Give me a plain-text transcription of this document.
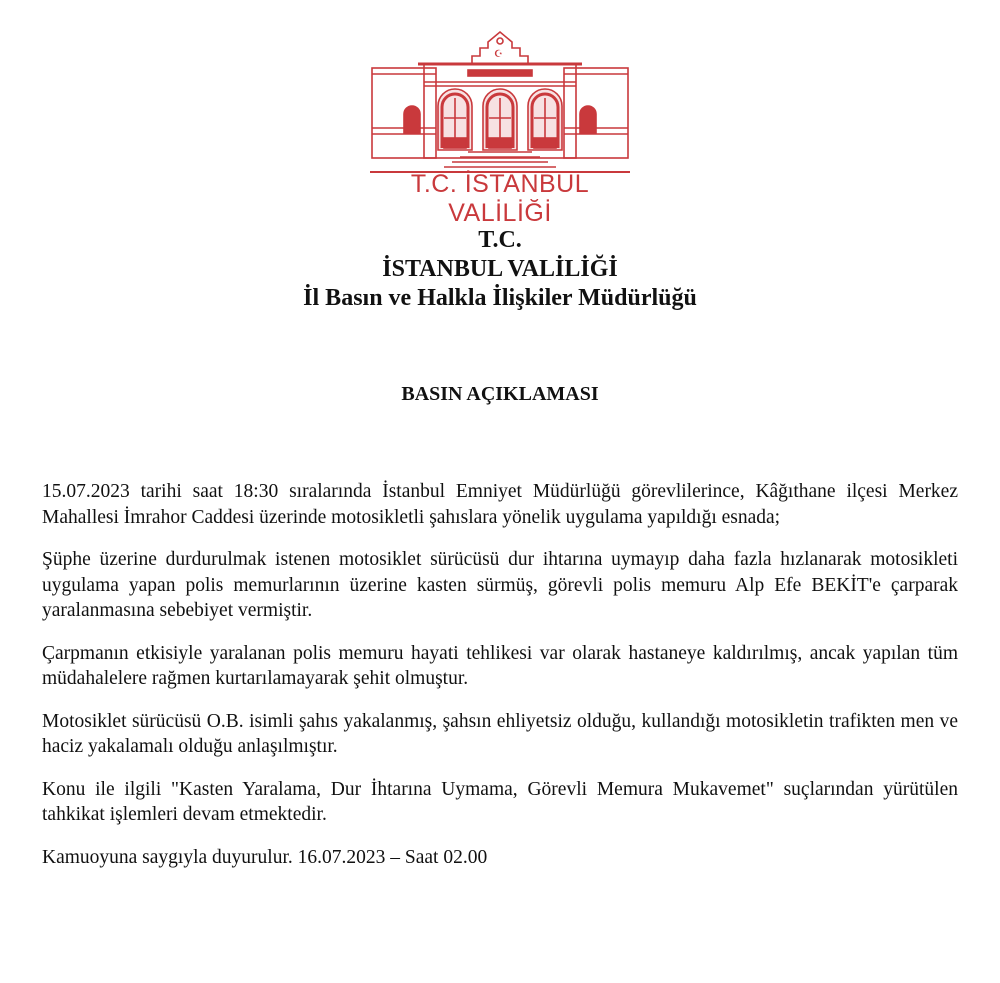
☪
T.C. İSTANBUL VALİLİĞİ
T.C.
İSTANBUL VALİLİĞİ
İl Basın ve Halkla İlişkiler Müdürlüğü
BASIN AÇIKLAMASI

15.07.2023 tarihi saat 18:30 sıralarında İstanbul Emniyet Müdürlüğü görevlilerince, Kâğıthane ilçesi Merkez Mahallesi İmrahor Caddesi üzerinde motosikletli şahıslara yönelik uygulama yapıldığı esnada;

Şüphe üzerine durdurulmak istenen motosiklet sürücüsü dur ihtarına uymayıp daha fazla hızlanarak motosikleti uygulama yapan polis memurlarının üzerine kasten sürmüş, görevli polis memuru Alp Efe BEKİT'e çarparak yaralanmasına sebebiyet vermiştir.

Çarpmanın etkisiyle yaralanan polis memuru hayati tehlikesi var olarak hastaneye kaldırılmış, ancak yapılan tüm müdahalelere rağmen kurtarılamayarak şehit olmuştur.

Motosiklet sürücüsü O.B. isimli şahıs yakalanmış, şahsın ehliyetsiz olduğu, kullandığı motosikletin trafikten men ve haciz yakalamalı olduğu anlaşılmıştır.

Konu ile ilgili "Kasten Yaralama, Dur İhtarına Uymama, Görevli Memura Mukavemet" suçlarından yürütülen tahkikat işlemleri devam etmektedir.

Kamuoyuna saygıyla duyurulur. 16.07.2023 – Saat 02.00
